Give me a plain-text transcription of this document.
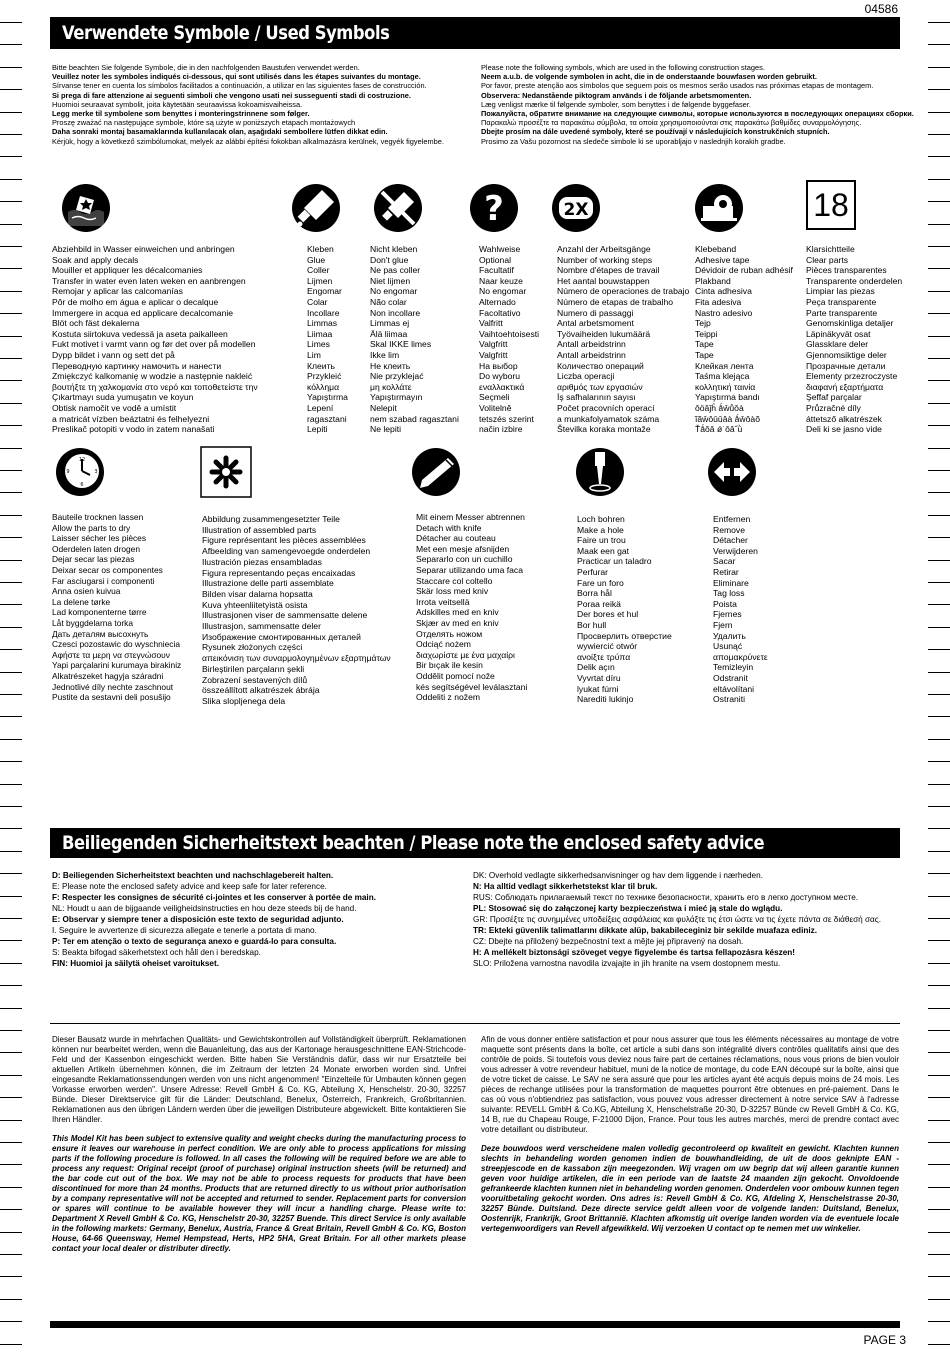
04586
Verwendete Symbole / Used Symbols
Bitte beachten Sie folgende Symbole, die in den nachfolgenden Baustufen verwendet werden.
Veuillez noter les symboles indiqués ci-dessous, qui sont utilisés dans les étapes suivantes du montage.
Sírvanse tener en cuenta los símbolos facilitados a continuación, a utilizar en las siguientes fases de construcción.
Si prega di fare attenzione ai seguenti simboli che vengono usati nei susseguenti stadi di costruzione.
Huomioi seuraavat symbolit, joita käytetään seuraavissa kokoamisvaiheissa.
Legg merke til symbolene som benyttes i monteringstrinnene som følger.
Proszę zważać na następujące symbole, które są użyte w poniższych etapach montażowych
Daha sonraki montaj basamaklarında kullanılacak olan, aşağıdaki sembollere lütfen dikkat edin.
Kérjük, hogy a következő szimbólumokat, melyek az alábbi építési fokokban alkalmazásra kerülnek, vegyék figyelembe.
Please note the following symbols, which are used in the following construction stages.
Neem a.u.b. de volgende symbolen in acht, die in de onderstaande bouwfasen worden gebruikt.
Por favor, preste atenção aos símbolos que seguem pois os mesmos serão usados nas próximas etapas de montagem.
Observera: Nedanstående piktogram används i de följande arbetsmomenten.
Læg venligst mærke til følgende symboler, som benyttes i de følgende byggefaser.
Пожалуйста, обратите внимание на следующие символы, которые используются в последующих операциях сборки.
Παρακαλώ προσέξτε τα παρακάτω σύμβολα, τα οποία χρησιμοποιούνται στις παρακάτω βαθμίδες συναρμολόγησης.
Dbejte prosím na dále uvedené symboly, které se používají v následujících konstrukčních stupních.
Prosimo za Vašu pozornost na sledeče simbole ki se uporabljajo v naslednjih korakih gradbe.
?	2X	18
Abziehbild in Wasser einweichen und anbringen
Soak and apply decals
Mouiller et appliquer les décalcomanies
Transfer in water even laten weken en aanbrengen
Remojar y aplicar las calcomanías
Pôr de molho em água e aplicar o decalque
Immergere in acqua ed applicare decalcomanie
Blöt och fäst dekalerna
Kostuta siirtokuva vedessä ja aseta paikalleen
Fukt motivet i varmt vann og før det over på modellen
Dypp bildet i vann og sett det på
Переводную картинку намочить и нанести
Zmiękczyć kalkomanię w wodzie a następnie nakleić
βουτήξτε τη χαλκομανία στο νερό και τοποθετείστε την
Çıkartmayı suda yumuşatın ve koyun
Obtisk namočit ve vodě a umístit
a matricát vízben beáztatni és felhelyezni
Preslikač potopiti v vodo in zatem nanašati
Kleben
Glue
Coller
Lijmen
Engomar
Colar
Incollare
Limmas
Liimaa
Limes
Lim
Клеить
Przykleić
κόλλημα
Yapıştırma
Lepení
ragasztani
Lepiti
Nicht kleben
Don't glue
Ne pas coller
Niet lijmen
No engomar
Não colar
Non incollare
Limmas ej
Älä liimaa
Skal IKKE limes
Ikke lim
Не клеить
Nie przyklejać
μη κολλάτε
Yapıştırmayın
Nelepit
nem szabad ragasztani
Ne lepiti
Wahlweise
Optional
Facultatif
Naar keuze
No engomar
Alternado
Facoltativo
Valfritt
Vaihtoehtoisesti
Valgfritt
Valgfritt
На выбор
Do wyboru
εναλλακτικά
Seçmeli
Volitelně
tetszés szerint
način izbire
Anzahl der Arbeitsgänge
Number of working steps
Nombre d'étapes de travail
Het aantal bouwstappen
Número de operaciones de trabajo
Número de etapas de trabalho
Numero di passaggi
Antal arbetsmoment
Työvaiheiden lukumäärä
Antall arbeidstrinn
Antall arbeidstrinn
Количество операций
Liczba operacji
αριθμός των εργασιών
İş safhalarının sayısı
Počet pracovních operací
a munkafolyamatok száma
Številka koraka montaže
Klebeband
Adhesive tape
Dévidoir de ruban adhésif
Plakband
Cinta adhesiva
Fita adesiva
Nastro adesivo
Tejp
Teippi
Tape
Tape
Клейкая лента
Taśma klejąca
κολλητική ταινία
Yapıştırma bandı
ôöâĵĥ ǻŵůǒà
ĩãŵôûûâà ǻŵǒàõ
Ťǻǒǎ ǿ˙ǒâ˝ǜ
Klarsichtteile
Clear parts
Pièces transparentes
Transparente onderdelen
Limpiar las piezas
Peça transparente
Parte transparente
Genomskinliga detaljer
Läpinäkyvät osat
Glassklare deler
Gjennomsiktige deler
Прозрачные детали
Elementy przezroczyste
διαφανή εξαρτήματα
Şeffaf parçalar
Průzračné díly
áttetsző alkatrészek
Deli ki se jasno vide
12
3
6
9
Bauteile trocknen lassen
Allow the parts to dry
Laisser sécher les pièces
Oderdelen laten drogen
Dejar secar las piezas
Deixar secar os componentes
Far asciugarsi i componenti
Anna osien kuivua
La delene tørke
Lad komponenterne tørre
Låt byggdelarna torka
Дать деталям высохнуть
Czesci pozostawic do wyschniecia
Αφήστε τα μερη να στεγνώσουν
Yapi parçalarini kurumaya birakiniz
Alkatrészeket hagyja száradni
Jednotlivé díly nechte zaschnout
Pustite da sestavni deli posušijo
Abbildung zusammengesetzter Teile
Illustration of assembled parts
Figure représentant les pièces assemblées
Afbeelding van samengevoegde onderdelen
Ilustración piezas ensambladas
Figura representando peças encaixadas
Illustrazione delle parti assemblate
Bilden visar dalarna hopsatta
Kuva yhteenliitetyistä osista
Illustrasjonen viser de sammensatte delene
Illustrasjon, sammensatte deler
Изображение смонтированных деталей
Rysunek złożonych części
απεικόνιση των συναρμολογημένων εξαρτημάτων
Birleştirilen parçaların şekli
Zobrazení sestavených dílů
összeállított alkatrészek ábrája
Slika slopljenega dela
Mit einem Messer abtrennen
Detach with knife
Détacher au couteau
Met een mesje afsnijden
Separarlo con un cuchillo
Separar utilizando uma faca
Staccare col coltello
Skär loss med kniv
Irrota veitsellä
Adskilles med en kniv
Skjær av med en kniv
Отделять ножом
Odciąć nożem
διαχωρίστε με ένα μαχαίρι
Bir bıçak ile kesin
Oddělit pomocí nože
kés segítségével leválasztani
Oddeliti z nožem
Loch bohren
Make a hole
Faire un trou
Maak een gat
Practicar un taladro
Perfurar
Fare un foro
Borra hål
Poraa reikä
Der bores et hul
Bor hull
Просверлить отверстие
wywiercić otwór
ανοίξτε τρύπα
Delik açın
Vyvrtat díru
lyukat fúrni
Narediti lukinjo
Entfernen
Remove
Détacher
Verwijderen
Sacar
Retirar
Eliminare
Tag loss
Poista
Fjernes
Fjern
Удалить
Usunąć
απομακρύνετε
Temizleyin
Odstranit
eltávolítani
Ostraniti
Beiliegenden Sicherheitstext beachten / Please note the enclosed safety advice
D: Beiliegenden Sicherheitstext beachten und nachschlagebereit halten.
E: Please note the enclosed safety advice and keep safe for later reference.
F: Respecter les consignes de sécurité ci-jointes et les conserver à portée de main.
NL: Houdt u aan de bijgaande veiligheidsinstructies en hou deze steeds bij de hand.
E: Observar y siempre tener a disposición este texto de seguridad adjunto.
I. Seguire le avvertenze di sicurezza allegate e tenerle a portata di mano.
P: Ter em atenção o texto de segurança anexo e guardá-lo para consulta.
S: Beakta bifogad säkerhetstext och håll den i beredskap.
FIN: Huomioi ja säilytä oheiset varoitukset.
DK: Overhold vedlagte sikkerhedsanvisninger og hav dem liggende i nærheden.
N: Ha alltid vedlagt sikkerhetstekst klar til bruk.
RUS: Соблюдать прилагаемый текст по технике безопасности, хранить его в легко доступном месте.
PL: Stosować się do załączonej karty bezpieczeństwa i mieć ją stale do wglądu.
GR: Προσέξτε τις συνημμένες υποδείξεις ασφάλειας και φυλάξτε τις έτσι ώστε να τις έχετε πάντα σε διάθεσή σας.
TR: Ekteki güvenlik talimatlarını dikkate alüp, bakabileceginiz bir sekilde muafaza ediniz.
CZ: Dbejte na přiložený bezpečnostní text a mějte jej připravený na dosah.
H: A mellékelt biztonsági szöveget vegye figyelembe és tartsa fellapozásra készen!
SLO: Priložena varnostna navodila izvajajte in jih hranite na vsem dostopnem mestu.

Dieser Bausatz wurde in mehrfachen Qualitäts- und Gewichtskontrollen auf Vollständigkeit überprüft. Reklamationen können nur bearbeitet werden, wenn die Bauanleitung, das aus der Kartonage herausgeschnittene EAN-Strichcode-Feld und der Kassenbon eingeschickt werden. Bitte haben Sie Verständnis dafür, dass wir nur Ersatzteile bei aktuellen Artikeln übernehmen können, die im Zeitraum der letzten 24 Monate erworben worden sind. Unfrei eingesandte Reklamationssendungen werden von uns nicht angenommen! "Einzelteile für Umbauten können gegen Vorkasse erworben werden". Unsere Adresse: Revell GmbH & Co. KG, Abteilung X, Henschelstr. 20-30, 32257 Bünde. Dieser Direktservice gilt für die Länder: Deutschland, Benelux, Österreich, Frankreich, Großbritannien. Reklamationen aus den übrigen Ländern werden über die jeweiligen Distributeure abgewickelt. Bitte kontaktieren Sie Ihren Händler.

This Model Kit has been subject to extensive quality and weight checks during the manufacturing process to ensure it leaves our warehouse in perfect condition. We are only able to process applications for missing parts if the following procedure is followed. In all cases the following will be required before we are able to process any request: Original receipt (proof of purchase) original instruction sheets (will be returned) and the bar code cut out of the box. We may not be able to process requests for products that have been discontinued for more than 24 months. Products that are returned directly to us without prior authorisation by a company representative will not be accepted and returned to sender. Replacement parts for conversion or spares will continue to be available however they will incur a handling charge. Please write to: Department X Revell GmbH & Co. KG, Henschelstr 20-30, 32257 Buende. This direct Service is only available in the following markets: Germany, Benelux, Austria, France & Great Britain, Revell GmbH & Co. KG, Boston House, 64-66 Queensway, Hemel Hempstead, Herts, HP2 5HA, Great Britain. For all other markets please contact your local dealer or distributer directly.

Afin de vous donner entière satisfaction et pour nous assurer que tous les éléments nécessaires au montage de votre maquette sont présents dans la boîte, cet article a subi dans son intégralité divers contrôles qualitatifs ainsi que des contrôle de poids. Si toutefois vous deviez nous faire part de certaines réclamations, nous vous prions de bien vouloir vous adresser à votre revendeur habituel, muni de la notice de montage, du code EAN découpé sur la boîte, ainsi que de votre ticket de caisse. Le SAV ne sera assuré que pour les articles ayant été acquis depuis moins de 24 mois. Les pièces de rechange utilisées pour la transformation de maquettes pourront être obtenues en pré-paiement. Dans le cas où vous n'obtiendriez pas satisfaction, vous pouvez vous adresser directement à notre service SAV à l'adresse suivante: REVELL GmbH & Co.KG, Abteilung X, Henschelstraße 20-30, D-32257 Bünde cw Revell GmbH & Co. KG, 14 B, rue du Chapeau Rouge, F-21000 Dijon, France. Pour tous les autres marchés, merci de prendre contact avec votre detaillant ou distributeur.

Deze bouwdoos werd verscheidene malen volledig gecontroleerd op kwaliteit en gewicht. Klachten kunnen slechts in behandeling worden genomen indien de bouwhandleiding, de uit de doos geknipte EAN - streepjescode en de kassabon zijn meegezonden. Wij vragen om uw begrip dat wij alleen garantie kunnen geven voor huidige artikelen, die in een periode van de laatste 24 maanden zijn gekocht. Onvoldoende gefrankeerde klachten kunnen niet in behandeling worden genomen. Onderdelen voor ombouw kunnen tegen vooruitbetaling gekocht worden. Ons adres is: Revell GmbH & Co. KG, Afdeling X, Henschelstrasse 20-30, 32257 Bünde. Duitsland. Deze directe service geldt alleen voor de volgende landen: Duitsland, Benelux, Oostenrijk, Frankrijk, Groot Brittannië. Klachten afkomstig uit overige landen worden via de eventuele locale vertegenwoordigers van Revell afgewikkeld. Wij verzoeken U contact op te nemen met uw winkelier.

PAGE 3
